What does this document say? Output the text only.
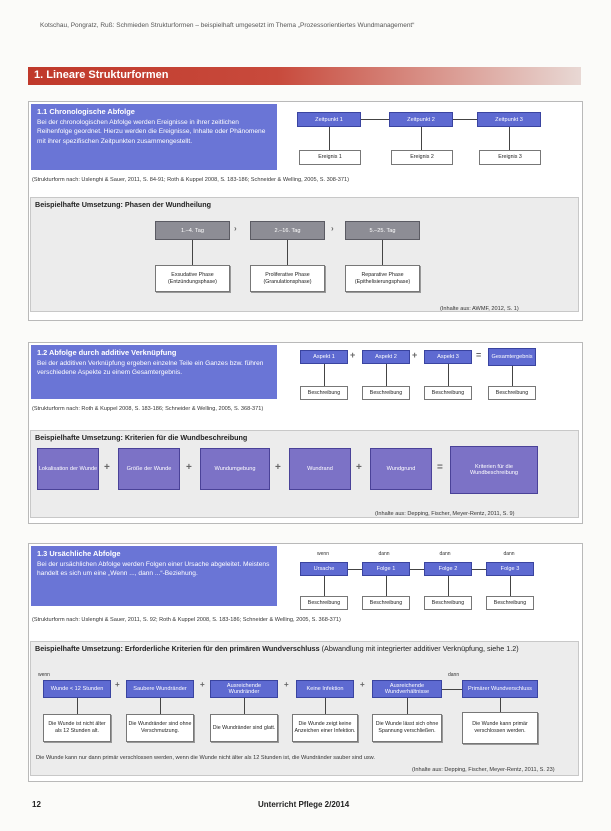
Kotschau, Pongratz, Ruß: Schmieden Strukturformen – beispielhaft umgesetzt im Thema „Prozessorientiertes Wundmanagement“
1. Lineare Strukturformen
1.1 Chronologische Abfolge
Bei der chronologischen Abfolge werden Ereignisse in ihrer zeitlichen Reihenfolge geordnet. Hierzu werden die Ereignisse, Inhalte oder Phänomene mit ihrer spezifischen Zeitpunkten zusammengestellt.
Zeitpunkt 1	Zeitpunkt 2	Zeitpunkt 3
Ereignis 1	Ereignis 2	Ereignis 3
(Strukturform nach: Uslenghi & Sauer, 2011, S. 84-91; Roth & Kuppel 2008, S. 183-186; Schneider & Welling, 2005, S. 308-371)
Beispielhafte Umsetzung: Phasen der Wundheilung
1.–4. Tag	2.–16. Tag	5.–25. Tag
›	›
Exsudative Phase (Entzündungsphase)
Proliferative Phase (Granulationsphase)
Reparative Phase (Epithelisierungsphase)
(Inhalte aus: AWMF, 2012, S. 1)
1.2 Abfolge durch additive Verknüpfung
Bei der additiven Verknüpfung ergeben einzelne Teile ein Ganzes bzw. führen verschiedene Aspekte zu einem Gesamtergebnis.
Aspekt 1	Aspekt 2	Aspekt 3	Gesamtergebnis
+	+	=
Beschreibung	Beschreibung	Beschreibung	Beschreibung
(Strukturform nach: Roth & Kuppel 2008, S. 183-186; Schneider & Welling, 2005, S. 368-371)
Beispielhafte Umsetzung: Kriterien für die Wundbeschreibung
Lokalisation der Wunde +	Größe der Wunde +	Wundumgebung +	Wundrand +	Wundgrund =	Kriterien für die Wundbeschreibung
(Inhalte aus: Depping, Fischer, Meyer-Rentz, 2011, S. 9)
1.3 Ursächliche Abfolge
Bei der ursächlichen Abfolge werden Folgen einer Ursache abgeleitet. Meistens handelt es sich um eine „Wenn ..., dann ...“-Beziehung.
wenn	dann	dann	dann
Ursache	Folge 1	Folge 2	Folge 3
Beschreibung	Beschreibung	Beschreibung	Beschreibung
(Strukturform nach: Uslenghi & Sauer, 2011, S. 92; Roth & Kuppel 2008, S. 183-186; Schneider & Welling, 2005, S. 368-371)
Beispielhafte Umsetzung: Erforderliche Kriterien für den primären Wundverschluss (Abwandlung mit integrierter additiver Verknüpfung, siehe 1.2)
wenn	dann
Wunde < 12 Stunden + Saubere Wundränder +	Ausreichende Wundränder
+	Keine Infektion +	Ausreichende Wundverhältnisse	Primärer Wundverschluss
Die Wunde ist nicht älter als 12 Stunden alt.
Die Wundränder sind ohne Verschmutzung.
Die Wundränder sind glatt.
Die Wunde zeigt keine Anzeichen einer Infektion.
Die Wunde lässt sich ohne Spannung verschließen.
Die Wunde kann primär verschlossen werden.
Die Wunde kann nur dann primär verschlossen werden, wenn die Wunde nicht älter als 12 Stunden ist, die Wundränder sauber sind usw.
(Inhalte aus: Depping, Fischer, Meyer-Rentz, 2011, S. 23)
12	Unterricht Pflege 2/2014
